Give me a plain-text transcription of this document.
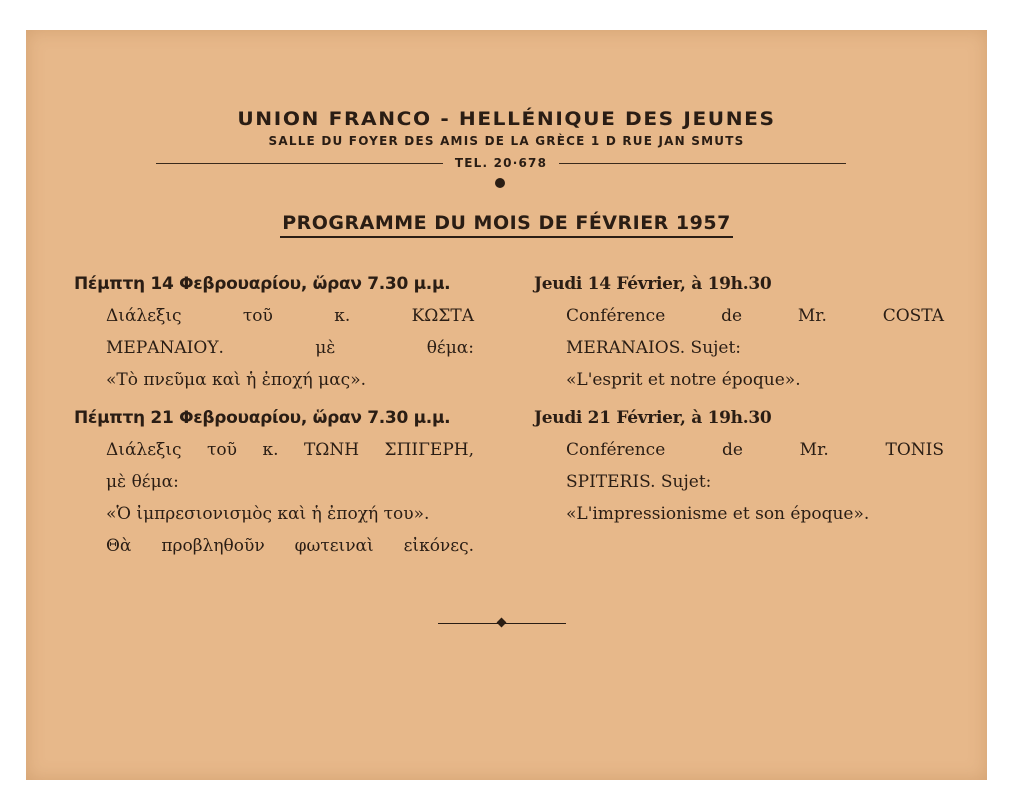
UNION FRANCO - HELLÉNIQUE DES JEUNES

SALLE DU FOYER DES AMIS DE LA GRÈCE 1 D RUE JAN SMUTS

TEL. 20·678
PROGRAMME DU MOIS DE FÉVRIER 1957
Πέμπτη 14 Φεβρουαρίου, ὥραν 7.30 μ.μ.
Διάλεξις τοῦ κ. ΚΩΣΤΑ
ΜΕΡΑΝΑΙΟΥ. μὲ θέμα:
«Τὸ πνεῦμα καὶ ἡ ἐποχή μας».
Πέμπτη 21 Φεβρουαρίου, ὥραν 7.30 μ.μ.
Διάλεξις τοῦ κ. ΤΩΝΗ ΣΠΙΓΕΡΗ,
μὲ θέμα:
«Ὁ ἰμπρεσιονισμὸς καὶ ἡ ἐποχή του».
Θὰ προβληθοῦν φωτειναὶ εἰκόνες.
Jeudi 14 Février, à 19h.30
Conférence de Mr. COSTA
MERANAIOS. Sujet:
«L'esprit et notre époque».
Jeudi 21 Février, à 19h.30
Conférence de Mr. TONIS
SPITERIS. Sujet:
«L'impressionisme et son époque».
